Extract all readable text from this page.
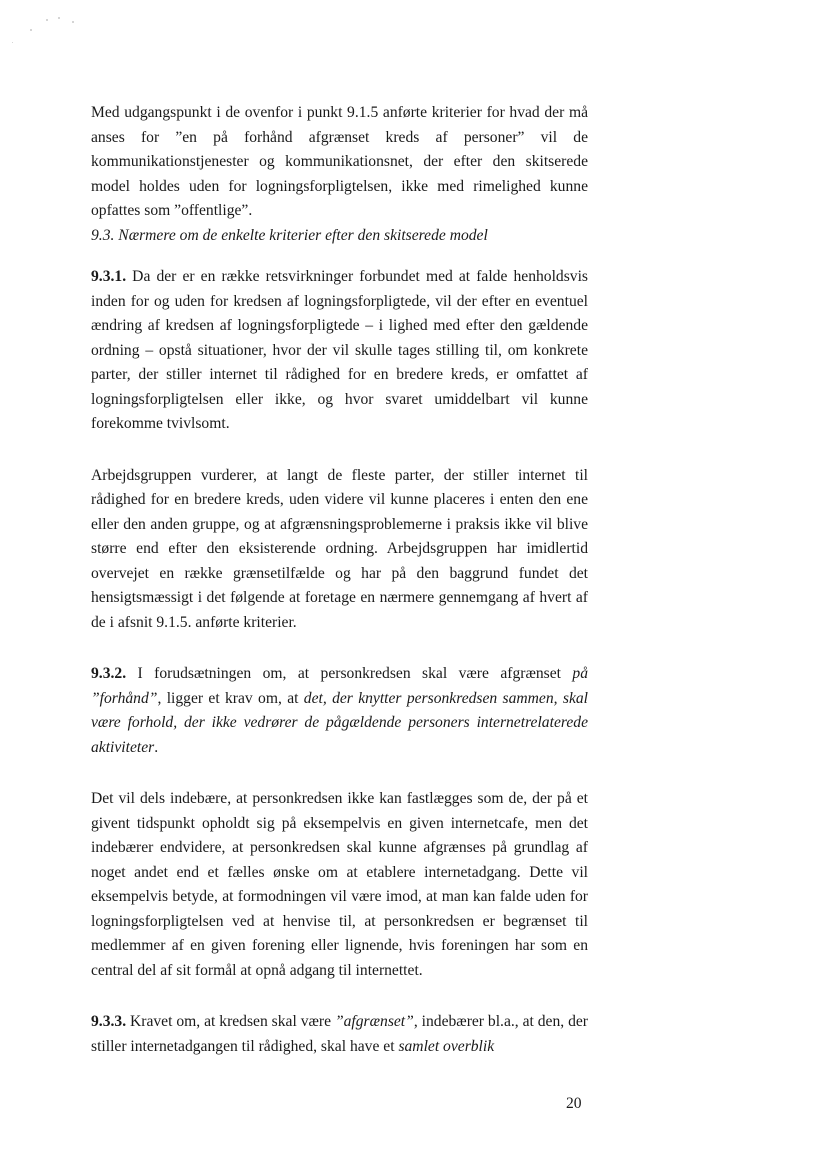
Med udgangspunkt i de ovenfor i punkt 9.1.5 anførte kriterier for hvad der må anses for ”en på forhånd afgrænset kreds af personer” vil de kommunikationstjenester og kommunikationsnet, der efter den skitserede model holdes uden for logningsforpligtelsen, ikke med rimelighed kunne opfattes som ”offentlige”.

9.3. Nærmere om de enkelte kriterier efter den skitserede model

9.3.1. Da der er en række retsvirkninger forbundet med at falde henholdsvis inden for og uden for kredsen af logningsforpligtede, vil der efter en eventuel ændring af kredsen af logningsforpligtede – i lighed med efter den gældende ordning – opstå situationer, hvor der vil skulle tages stilling til, om konkrete parter, der stiller internet til rådighed for en bredere kreds, er omfattet af logningsforpligtelsen eller ikke, og hvor svaret umiddelbart vil kunne forekomme tvivlsomt.

Arbejdsgruppen vurderer, at langt de fleste parter, der stiller internet til rådighed for en bredere kreds, uden videre vil kunne placeres i enten den ene eller den anden gruppe, og at afgrænsningsproblemerne i praksis ikke vil blive større end efter den eksisterende ordning. Arbejdsgruppen har imidlertid overvejet en række grænsetilfælde og har på den baggrund fundet det hensigtsmæssigt i det følgende at foretage en nærmere gennemgang af hvert af de i afsnit 9.1.5. anførte kriterier.

9.3.2. I forudsætningen om, at personkredsen skal være afgrænset på ”forhånd”, ligger et krav om, at det, der knytter personkredsen sammen, skal være forhold, der ikke vedrører de pågældende personers internetrelaterede aktiviteter.

Det vil dels indebære, at personkredsen ikke kan fastlægges som de, der på et givent tidspunkt opholdt sig på eksempelvis en given internetcafe, men det indebærer endvidere, at personkredsen skal kunne afgrænses på grundlag af noget andet end et fælles ønske om at etablere internetadgang. Dette vil eksempelvis betyde, at formodningen vil være imod, at man kan falde uden for logningsforpligtelsen ved at henvise til, at personkredsen er begrænset til medlemmer af en given forening eller lignende, hvis foreningen har som en central del af sit formål at opnå adgang til internettet.

9.3.3. Kravet om, at kredsen skal være ”afgrænset”, indebærer bl.a., at den, der stiller internetadgangen til rådighed, skal have et samlet overblik

20
